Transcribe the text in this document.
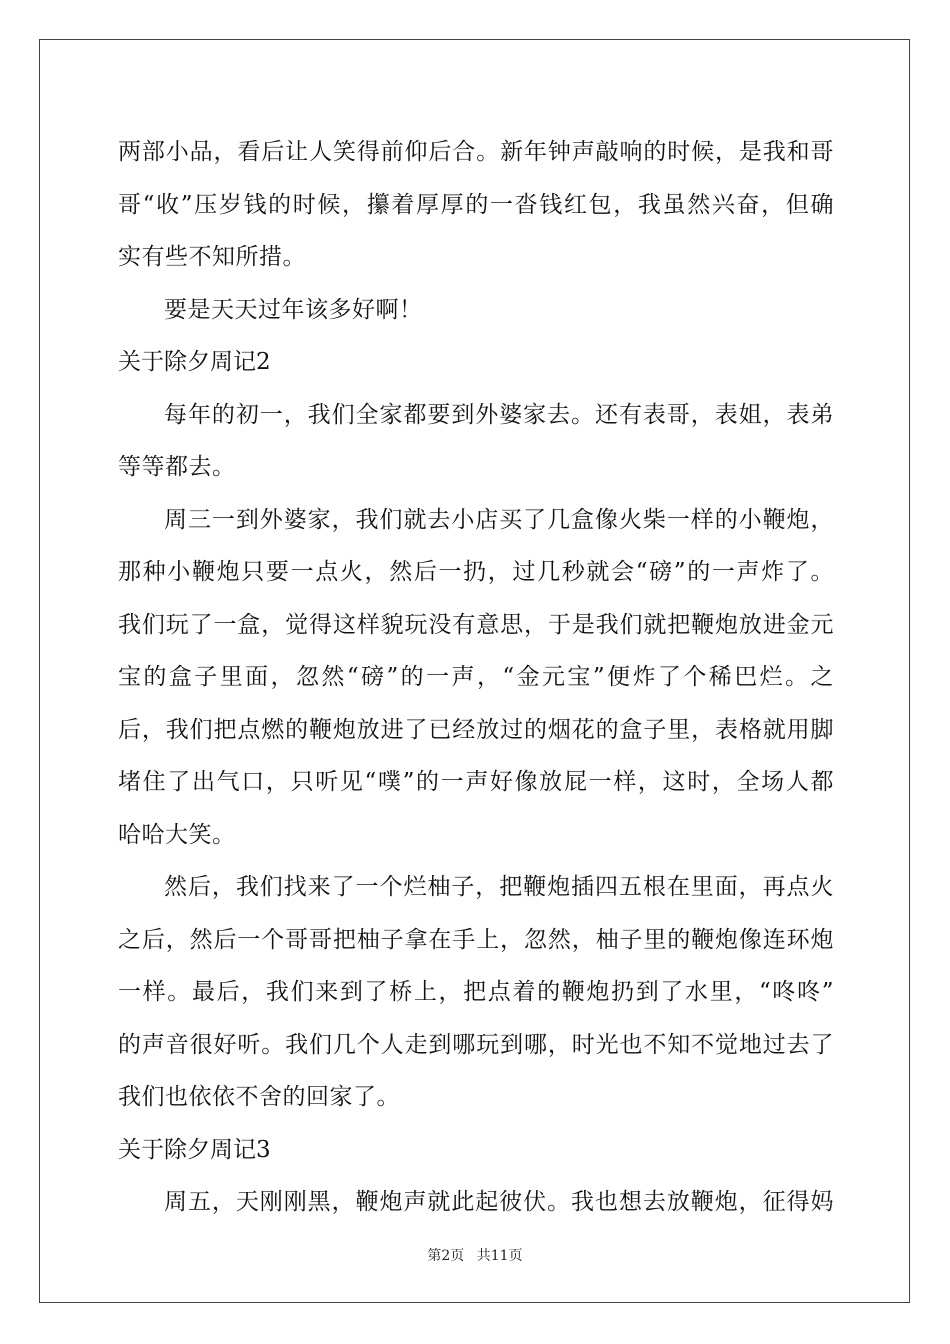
两部小品，看后让人笑得前仰后合。新年钟声敲响的时候，是我和哥
哥“收”压岁钱的时候，攥着厚厚的一沓钱红包，我虽然兴奋，但确
实有些不知所措。
要是天天过年该多好啊！
关于除夕周记2
每年的初一，我们全家都要到外婆家去。还有表哥，表姐，表弟
等等都去。
周三一到外婆家，我们就去小店买了几盒像火柴一样的小鞭炮，
那种小鞭炮只要一点火，然后一扔，过几秒就会“磅”的一声炸了。
我们玩了一盒，觉得这样貌玩没有意思，于是我们就把鞭炮放进金元
宝的盒子里面，忽然“磅”的一声，“金元宝”便炸了个稀巴烂。之
后，我们把点燃的鞭炮放进了已经放过的烟花的盒子里，表格就用脚
堵住了出气口，只听见“噗”的一声好像放屁一样，这时，全场人都
哈哈大笑。
然后，我们找来了一个烂柚子，把鞭炮插四五根在里面，再点火
之后，然后一个哥哥把柚子拿在手上，忽然，柚子里的鞭炮像连环炮
一样。最后，我们来到了桥上，把点着的鞭炮扔到了水里，“咚咚”
的声音很好听。我们几个人走到哪玩到哪，时光也不知不觉地过去了
我们也依依不舍的回家了。
关于除夕周记3
周五，天刚刚黑，鞭炮声就此起彼伏。我也想去放鞭炮，征得妈
第2页 共11页
